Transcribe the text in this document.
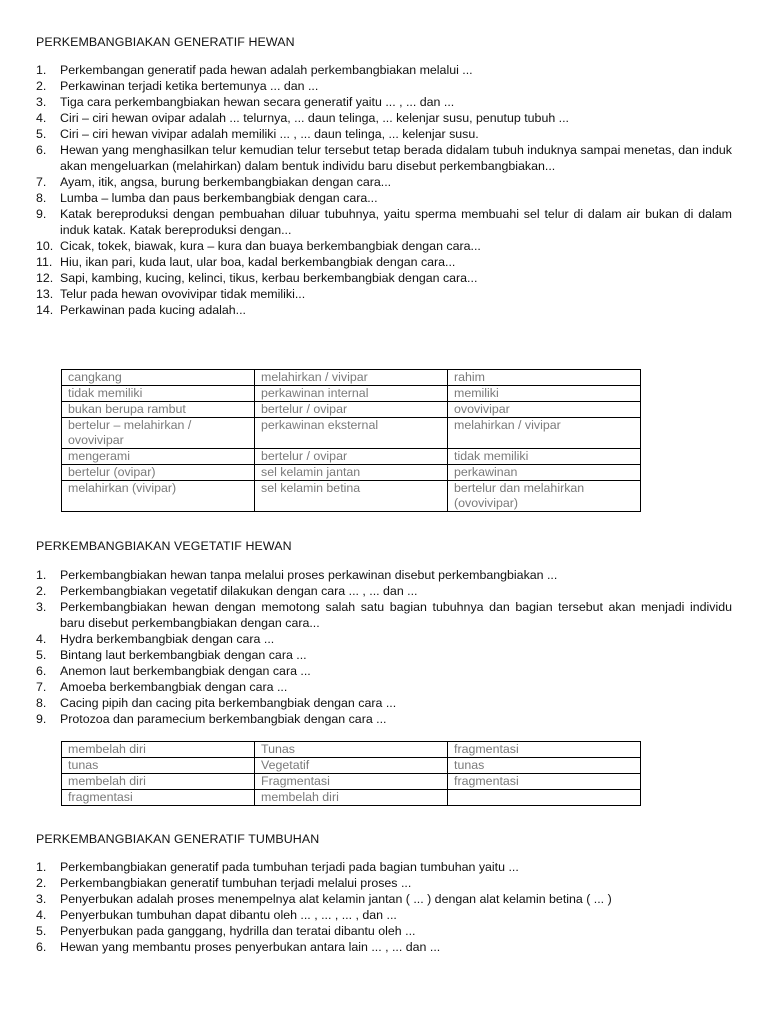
PERKEMBANGBIAKAN GENERATIF HEWAN
1. Perkembangan generatif pada hewan adalah perkembangbiakan melalui ...
2. Perkawinan terjadi ketika bertemunya ... dan ...
3. Tiga cara perkembangbiakan hewan secara generatif yaitu ... , ... dan ...
4. Ciri – ciri hewan ovipar adalah ... telurnya, ... daun telinga, ... kelenjar susu, penutup tubuh ...
5. Ciri – ciri hewan vivipar adalah memiliki ... , ... daun telinga, ... kelenjar susu.
6. Hewan yang menghasilkan telur kemudian telur tersebut tetap berada didalam tubuh induknya sampai menetas, dan induk akan mengeluarkan (melahirkan) dalam bentuk individu baru disebut perkembangbiakan...
7. Ayam, itik, angsa, burung berkembangbiakan dengan cara...
8. Lumba – lumba dan paus berkembangbiak dengan cara...
9. Katak bereproduksi dengan pembuahan diluar tubuhnya, yaitu sperma membuahi sel telur di dalam air bukan di dalam induk katak. Katak bereproduksi dengan...
10. Cicak, tokek, biawak, kura – kura dan buaya berkembangbiak dengan cara...
11. Hiu, ikan pari, kuda laut, ular boa, kadal berkembangbiak dengan cara...
12. Sapi, kambing, kucing, kelinci, tikus, kerbau berkembangbiak dengan cara...
13. Telur pada hewan ovovivipar tidak memiliki...
14. Perkawinan pada kucing adalah...
cangkang	melahirkan / vivipar	rahim
tidak memiliki	perkawinan internal	memiliki
bukan berupa rambut	bertelur / ovipar	ovovivipar
bertelur – melahirkan / ovovivipar	perkawinan eksternal	melahirkan / vivipar
mengerami	bertelur / ovipar	tidak memiliki
bertelur (ovipar)	sel kelamin jantan	perkawinan
melahirkan (vivipar)	sel kelamin betina	bertelur dan melahirkan (ovovivipar)
PERKEMBANGBIAKAN VEGETATIF HEWAN
1. Perkembangbiakan hewan tanpa melalui proses perkawinan disebut perkembangbiakan ...
2. Perkembangbiakan vegetatif dilakukan dengan cara ... , ... dan ...
3. Perkembangbiakan hewan dengan memotong salah satu bagian tubuhnya dan bagian tersebut akan menjadi individu baru disebut perkembangbiakan dengan cara...
4. Hydra berkembangbiak dengan cara ...
5. Bintang laut berkembangbiak dengan cara ...
6. Anemon laut berkembangbiak dengan cara ...
7. Amoeba berkembangbiak dengan cara ...
8. Cacing pipih dan cacing pita berkembangbiak dengan cara ...
9. Protozoa dan paramecium berkembangbiak dengan cara ...
membelah diri	Tunas	fragmentasi
tunas	Vegetatif	tunas
membelah diri	Fragmentasi	fragmentasi
fragmentasi	membelah diri	
PERKEMBANGBIAKAN GENERATIF TUMBUHAN
1. Perkembangbiakan generatif pada tumbuhan terjadi pada bagian tumbuhan yaitu ...
2. Perkembangbiakan generatif tumbuhan terjadi melalui proses ...
3. Penyerbukan adalah proses menempelnya alat kelamin jantan ( ... ) dengan alat kelamin betina ( ... )
4. Penyerbukan tumbuhan dapat dibantu oleh ... , ... , ... , dan ...
5. Penyerbukan pada ganggang, hydrilla dan teratai dibantu oleh ...
6. Hewan yang membantu proses penyerbukan antara lain ... , ... dan ...
